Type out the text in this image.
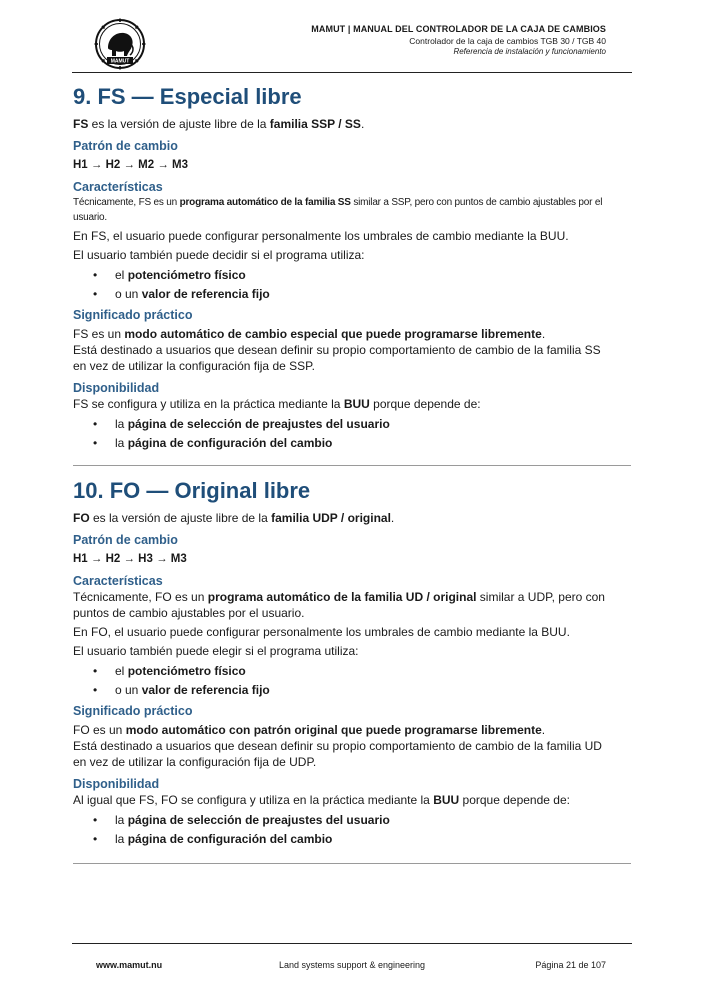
MAMUT
MAMUT | MANUAL DEL CONTROLADOR DE LA CAJA DE CAMBIOS
Controlador de la caja de cambios TGB 30 / TGB 40
Referencia de instalación y funcionamiento
9. FS — Especial libre

FS es la versión de ajuste libre de la familia SSP / SS.

Patrón de cambio

H1 → H2 → M2 → M3

Características

Técnicamente, FS es un programa automático de la familia SS similar a SSP, pero con puntos de cambio ajustables por el usuario.

En FS, el usuario puede configurar personalmente los umbrales de cambio mediante la BUU.

El usuario también puede decidir si el programa utiliza:

• el potenciómetro físico
• o un valor de referencia fijo
Significado práctico

FS es un modo automático de cambio especial que puede programarse libremente.

Está destinado a usuarios que desean definir su propio comportamiento de cambio de la familia SS

en vez de utilizar la configuración fija de SSP.

Disponibilidad

FS se configura y utiliza en la práctica mediante la BUU porque depende de:

• la página de selección de preajustes del usuario
• la página de configuración del cambio
10. FO — Original libre

FO es la versión de ajuste libre de la familia UDP / original.

Patrón de cambio

H1 → H2 → H3 → M3

Características

Técnicamente, FO es un programa automático de la familia UD / original similar a UDP, pero con

puntos de cambio ajustables por el usuario.

En FO, el usuario puede configurar personalmente los umbrales de cambio mediante la BUU.

El usuario también puede elegir si el programa utiliza:

• el potenciómetro físico
• o un valor de referencia fijo
Significado práctico

FO es un modo automático con patrón original que puede programarse libremente.

Está destinado a usuarios que desean definir su propio comportamiento de cambio de la familia UD

en vez de utilizar la configuración fija de UDP.

Disponibilidad

Al igual que FS, FO se configura y utiliza en la práctica mediante la BUU porque depende de:

• la página de selección de preajustes del usuario
• la página de configuración del cambio
www.mamut.nu	Land systems support & engineering	Página 21 de 107
